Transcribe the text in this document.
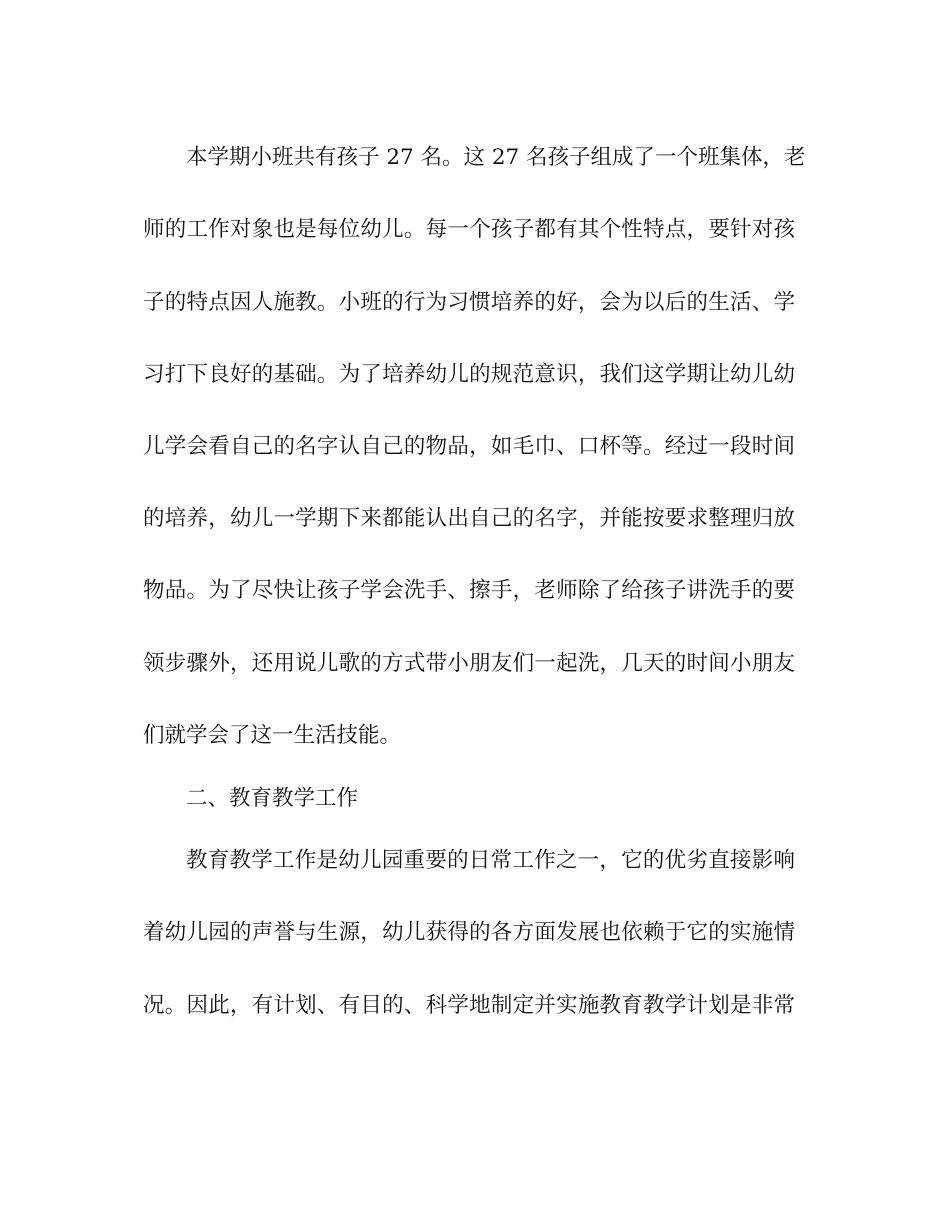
本学期小班共有孩子 27 名。这 27 名孩子组成了一个班集体，老
师的工作对象也是每位幼儿。每一个孩子都有其个性特点，要针对孩
子的特点因人施教。小班的行为习惯培养的好，会为以后的生活、学
习打下良好的基础。为了培养幼儿的规范意识，我们这学期让幼儿幼
儿学会看自己的名字认自己的物品，如毛巾、口杯等。经过一段时间
的培养，幼儿一学期下来都能认出自己的名字，并能按要求整理归放
物品。为了尽快让孩子学会洗手、擦手，老师除了给孩子讲洗手的要
领步骤外，还用说儿歌的方式带小朋友们一起洗，几天的时间小朋友
们就学会了这一生活技能。
二、教育教学工作
教育教学工作是幼儿园重要的日常工作之一，它的优劣直接影响
着幼儿园的声誉与生源，幼儿获得的各方面发展也依赖于它的实施情
况。因此，有计划、有目的、科学地制定并实施教育教学计划是非常
